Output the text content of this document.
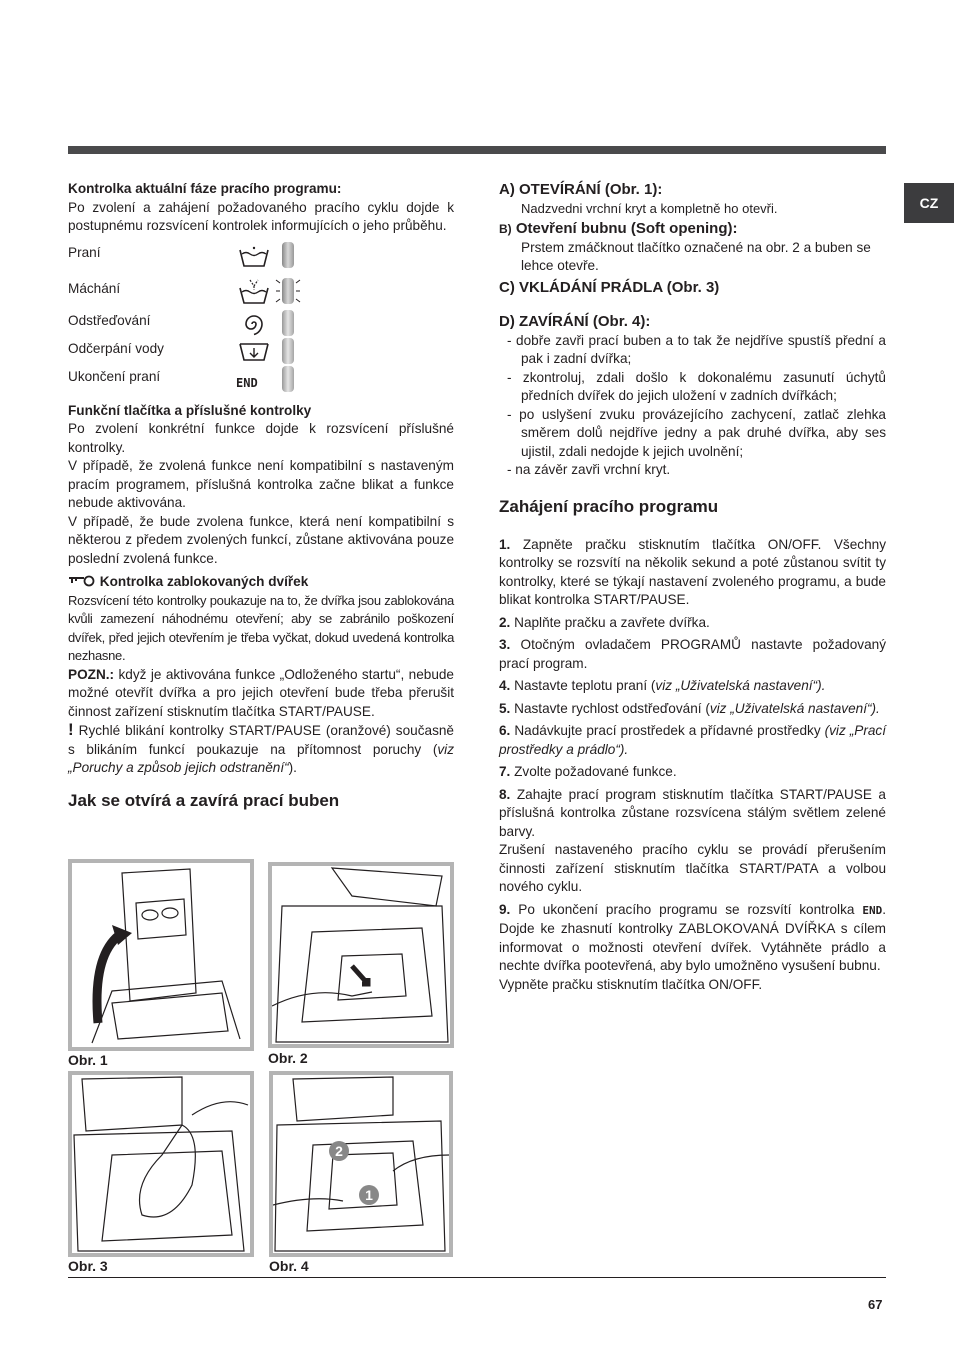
CZ

Kontrolka aktuální fáze pracího programu:

Po zvolení a zahájení požadovaného pracího cyklu dojde k postupnému rozsvícení kontrolek informujících o jeho průběhu.

Praní
Máchání
Odstřeďování
Odčerpání vody
Ukončení praní	END

Funkční tlačítka a příslušné kontrolky

Po zvolení konkrétní funkce dojde k rozsvícení příslušné kontrolky.

V případě, že zvolená funkce není kompatibilní s nastaveným pracím programem, příslušná kontrolka začne blikat a funkce nebude aktivována.

V případě, že bude zvolena funkce, která není kompatibilní s některou z předem zvolených funkcí, zůstane aktivována pouze poslední zvolená funkce.

Kontrolka zablokovaných dvířek

Rozsvícení této kontrolky poukazuje na to, že dvířka jsou zablokována kvůli zamezení náhodnému otevření; aby se zabránilo poškození dvířek, před jejich otevřením je třeba vyčkat, dokud uvedená kontrolka nezhasne.

POZN.: když je aktivována funkce „Odloženého startu“, nebude možné otevřít dvířka a pro jejich otevření bude třeba přerušit činnost zařízení stisknutím tlačítka START/PAUSE.

! Rychlé blikání kontrolky START/PAUSE (oranžové) současně s blikáním funkcí poukazuje na přítomnost poruchy (viz „Poruchy a způsob jejich odstranění“).

Jak se otvírá a zavírá prací buben

Obr. 1	Obr. 2
Obr. 3
2
1
Obr. 4

A) OTEVÍRÁNÍ (Obr. 1):

Nadzvedni vrchní kryt a kompletně ho otevři.

B) Otevření bubnu (Soft opening):

Prstem zmáčknout tlačítko označené na obr. 2 a buben se lehce otevře.

C) VKLÁDÁNÍ PRÁDLA (Obr. 3)

D) ZAVÍRÁNÍ (Obr. 4):

- dobře zavři prací buben a to tak že nejdříve spustíš přední a pak i zadní dvířka;

- zkontroluj, zdali došlo k dokonalému zasunutí úchytů předních dvířek do jejich uložení v zadních dvířkách;

- po uslyšení zvuku provázejícího zachycení, zatlač zlehka směrem dolů nejdříve jedny a pak druhé dvířka, aby ses ujistil, zdali nedojde k jejich uvolnění;

- na závěr zavři vrchní kryt.

Zahájení pracího programu

1. Zapněte pračku stisknutím tlačítka ON/OFF. Všechny kontrolky se rozsvítí na několik sekund a poté zůstanou svítit ty kontrolky, které se týkají nastavení zvoleného programu, a bude blikat kontrolka START/PAUSE.

2. Naplňte pračku a zavřete dvířka.

3. Otočným ovladačem PROGRAMŮ nastavte požadovaný prací program.

4. Nastavte teplotu praní (viz „Uživatelská nastavení“).

5. Nastavte rychlost odstřeďování (viz „Uživatelská nastavení“).

6. Nadávkujte prací prostředek a přídavné prostředky (viz „Prací prostředky a prádlo“).

7. Zvolte požadované funkce.

8. Zahajte prací program stisknutím tlačítka START/PAUSE a příslušná kontrolka zůstane rozsvícena stálým světlem zelené barvy.

Zrušení nastaveného pracího cyklu se provádí přerušením činnosti zařízení stisknutím tlačítka START/PATA a volbou nového cyklu.

9. Po ukončení pracího programu se rozsvítí kontrolka END. Dojde ke zhasnutí kontrolky ZABLOKOVANÁ DVÍŘKA s cílem informovat o možnosti otevření dvířek. Vytáhněte prádlo a nechte dvířka pootevřená, aby bylo umožněno vysušení bubnu.

Vypněte pračku stisknutím tlačítka ON/OFF.

67
